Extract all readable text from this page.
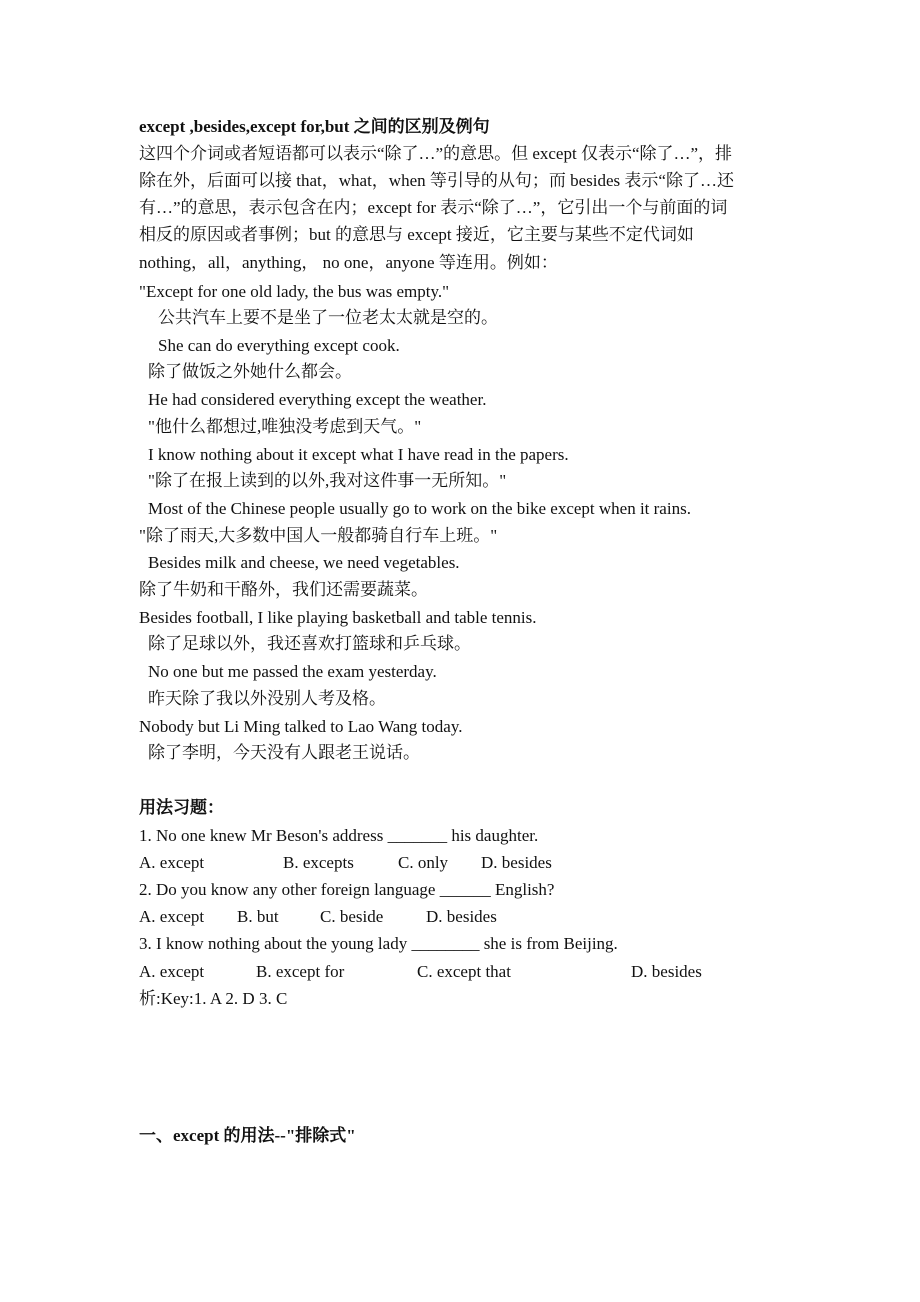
except ,besides,except for,but 之间的区别及例句
这四个介词或者短语都可以表示“除了…”的意思。但 except 仅表示“除了…”，排
除在外，后面可以接 that，what，when 等引导的从句；而 besides 表示“除了…还
有…”的意思，表示包含在内；except for 表示“除了…”，它引出一个与前面的词
相反的原因或者事例；but 的意思与 except 接近，它主要与某些不定代词如
nothing，all，anything， no one，anyone 等连用。例如：
"Except for one old lady, the bus was empty."
公共汽车上要不是坐了一位老太太就是空的。
She can do everything except cook.
除了做饭之外她什么都会。
He had considered everything except the weather.
"他什么都想过,唯独没考虑到天气。"
I know nothing about it except what I have read in the papers.
"除了在报上读到的以外,我对这件事一无所知。"
Most of the Chinese people usually go to work on the bike except when it rains.
"除了雨天,大多数中国人一般都骑自行车上班。"
Besides milk and cheese, we need vegetables.
除了牛奶和干酪外，我们还需要蔬菜。
Besides football, I like playing basketball and table tennis.
除了足球以外，我还喜欢打篮球和乒乓球。
No one but me passed the exam yesterday.
昨天除了我以外没别人考及格。
Nobody but Li Ming talked to Lao Wang today.
除了李明，今天没有人跟老王说话。
用法习题：
1. No one knew Mr Beson's address _______ his daughter.
A. except	B. excepts	C. only D. besides
2. Do you know any other foreign language ______ English?
A. except B. but C. beside	D. besides
3. I know nothing about the young lady ________ she is from Beijing.
A. except	B. except for	C. except that	D. besides
析:Key:1. A 2. D 3. C
一、except 的用法--"排除式"
